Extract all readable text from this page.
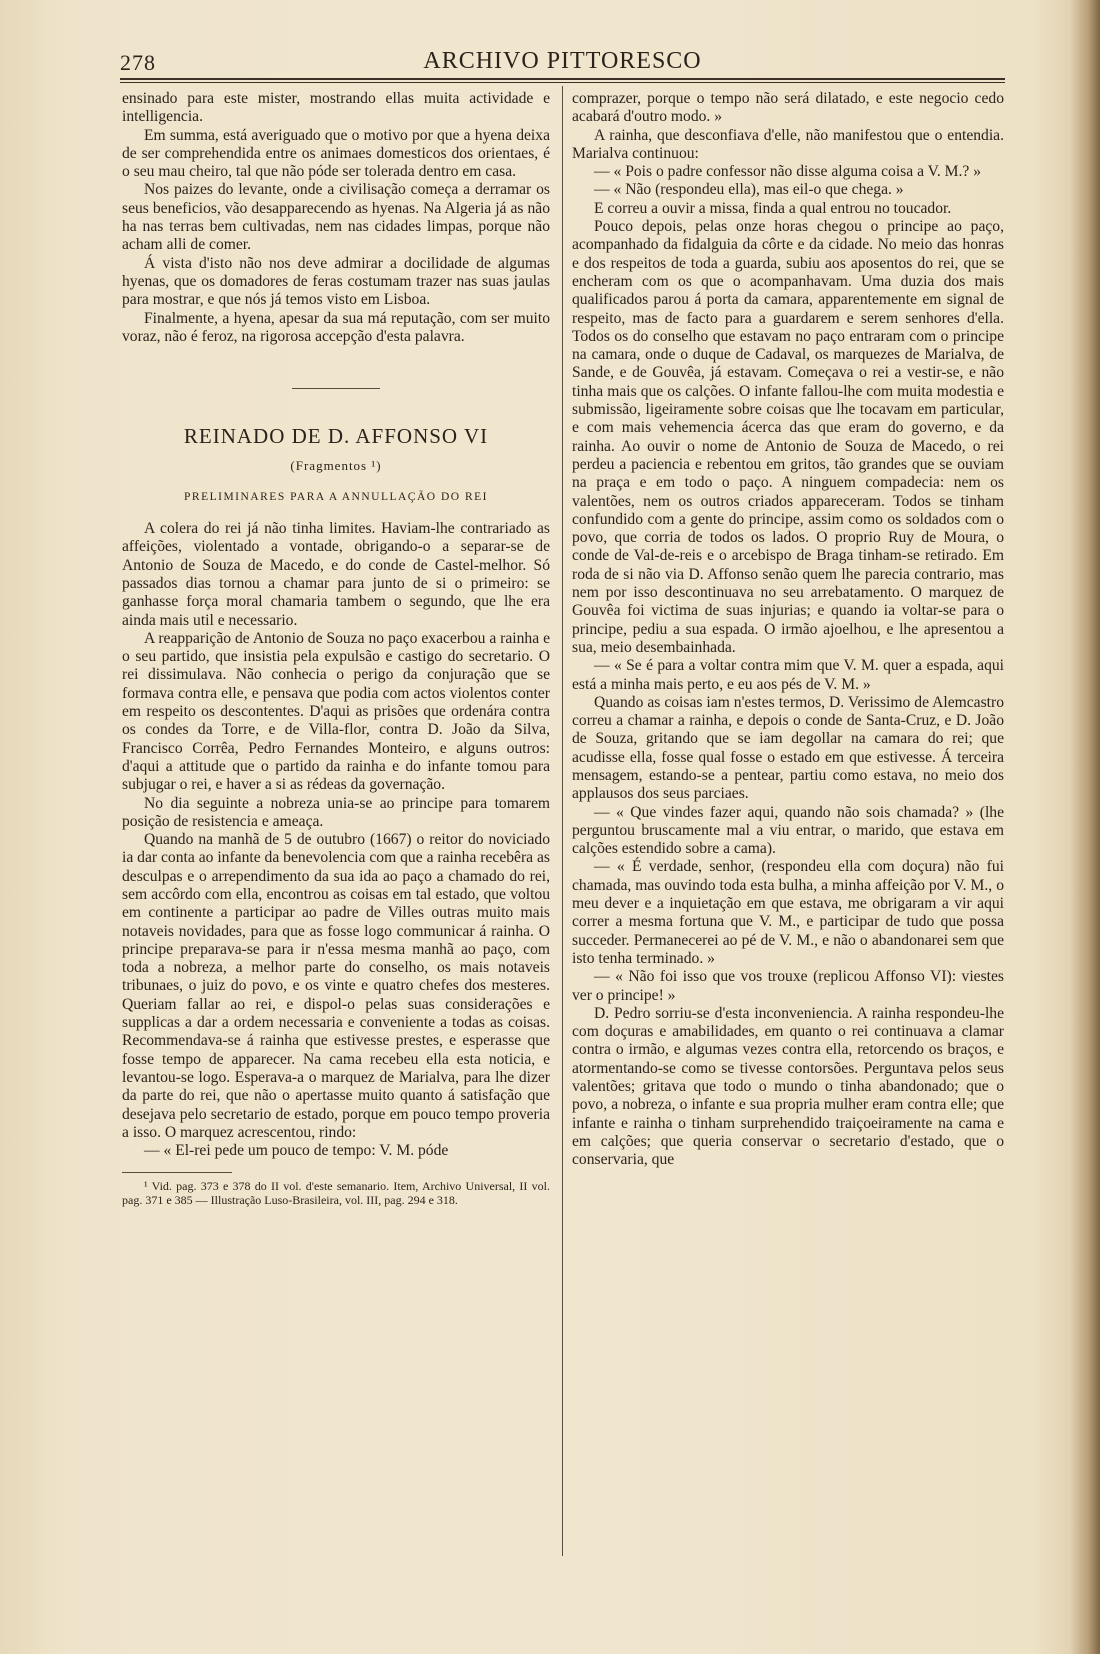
278	ARCHIVO PITTORESCO

ensinado para este mister, mostrando ellas muita actividade e intelligencia.

Em summa, está averiguado que o motivo por que a hyena deixa de ser comprehendida entre os animaes domesticos dos orientaes, é o seu mau cheiro, tal que não póde ser tolerada dentro em casa.

Nos paizes do levante, onde a civilisação começa a derramar os seus beneficios, vão desapparecendo as hyenas. Na Algeria já as não ha nas terras bem cultivadas, nem nas cidades limpas, porque não acham alli de comer.

Á vista d'isto não nos deve admirar a docilidade de algumas hyenas, que os domadores de feras costumam trazer nas suas jaulas para mostrar, e que nós já temos visto em Lisboa.

Finalmente, a hyena, apesar da sua má reputação, com ser muito voraz, não é feroz, na rigorosa accepção d'esta palavra.

REINADO DE D. AFFONSO VI
(Fragmentos ¹)
PRELIMINARES PARA A ANNULLAÇÃO DO REI

A colera do rei já não tinha limites. Haviam-lhe contrariado as affeições, violentado a vontade, obrigando-o a separar-se de Antonio de Souza de Macedo, e do conde de Castel-melhor. Só passados dias tornou a chamar para junto de si o primeiro: se ganhasse força moral chamaria tambem o segundo, que lhe era ainda mais util e necessario.

A reapparição de Antonio de Souza no paço exacerbou a rainha e o seu partido, que insistia pela expulsão e castigo do secretario. O rei dissimulava. Não conhecia o perigo da conjuração que se formava contra elle, e pensava que podia com actos violentos conter em respeito os descontentes. D'aqui as prisões que ordenára contra os condes da Torre, e de Villa-flor, contra D. João da Silva, Francisco Corrêa, Pedro Fernandes Monteiro, e alguns outros: d'aqui a attitude que o partido da rainha e do infante tomou para subjugar o rei, e haver a si as rédeas da governação.

No dia seguinte a nobreza unia-se ao principe para tomarem posição de resistencia e ameaça.

Quando na manhã de 5 de outubro (1667) o reitor do noviciado ia dar conta ao infante da benevolencia com que a rainha recebêra as desculpas e o arrependimento da sua ida ao paço a chamado do rei, sem accôrdo com ella, encontrou as coisas em tal estado, que voltou em continente a participar ao padre de Villes outras muito mais notaveis novidades, para que as fosse logo communicar á rainha. O principe preparava-se para ir n'essa mesma manhã ao paço, com toda a nobreza, a melhor parte do conselho, os mais notaveis tribunaes, o juiz do povo, e os vinte e quatro chefes dos mesteres. Queriam fallar ao rei, e dispol-o pelas suas considerações e supplicas a dar a ordem necessaria e conveniente a todas as coisas. Recommendava-se á rainha que estivesse prestes, e esperasse que fosse tempo de apparecer. Na cama recebeu ella esta noticia, e levantou-se logo. Esperava-a o marquez de Marialva, para lhe dizer da parte do rei, que não o apertasse muito quanto á satisfação que desejava pelo secretario de estado, porque em pouco tempo proveria a isso. O marquez acrescentou, rindo:

— « El-rei pede um pouco de tempo: V. M. póde

¹ Vid. pag. 373 e 378 do II vol. d'este semanario. Item, Archivo Universal, II vol. pag. 371 e 385 — Illustração Luso-Brasileira, vol. III, pag. 294 e 318.

comprazer, porque o tempo não será dilatado, e este negocio cedo acabará d'outro modo. »

A rainha, que desconfiava d'elle, não manifestou que o entendia. Marialva continuou:

— « Pois o padre confessor não disse alguma coisa a V. M.? »

— « Não (respondeu ella), mas eil-o que chega. »

E correu a ouvir a missa, finda a qual entrou no toucador.

Pouco depois, pelas onze horas chegou o principe ao paço, acompanhado da fidalguia da côrte e da cidade. No meio das honras e dos respeitos de toda a guarda, subiu aos aposentos do rei, que se encheram com os que o acompanhavam. Uma duzia dos mais qualificados parou á porta da camara, apparentemente em signal de respeito, mas de facto para a guardarem e serem senhores d'ella. Todos os do conselho que estavam no paço entraram com o principe na camara, onde o duque de Cadaval, os marquezes de Marialva, de Sande, e de Gouvêa, já estavam. Começava o rei a vestir-se, e não tinha mais que os calções. O infante fallou-lhe com muita modestia e submissão, ligeiramente sobre coisas que lhe tocavam em particular, e com mais vehemencia ácerca das que eram do governo, e da rainha. Ao ouvir o nome de Antonio de Souza de Macedo, o rei perdeu a paciencia e rebentou em gritos, tão grandes que se ouviam na praça e em todo o paço. A ninguem compadecia: nem os valentões, nem os outros criados appareceram. Todos se tinham confundido com a gente do principe, assim como os soldados com o povo, que corria de todos os lados. O proprio Ruy de Moura, o conde de Val-de-reis e o arcebispo de Braga tinham-se retirado. Em roda de si não via D. Affonso senão quem lhe parecia contrario, mas nem por isso descontinuava no seu arrebatamento. O marquez de Gouvêa foi victima de suas injurias; e quando ia voltar-se para o principe, pediu a sua espada. O irmão ajoelhou, e lhe apresentou a sua, meio desembainhada.

— « Se é para a voltar contra mim que V. M. quer a espada, aqui está a minha mais perto, e eu aos pés de V. M. »

Quando as coisas iam n'estes termos, D. Verissimo de Alemcastro correu a chamar a rainha, e depois o conde de Santa-Cruz, e D. João de Souza, gritando que se iam degollar na camara do rei; que acudisse ella, fosse qual fosse o estado em que estivesse. Á terceira mensagem, estando-se a pentear, partiu como estava, no meio dos applausos dos seus parciaes.

— « Que vindes fazer aqui, quando não sois chamada? » (lhe perguntou bruscamente mal a viu entrar, o marido, que estava em calções estendido sobre a cama).

— « É verdade, senhor, (respondeu ella com doçura) não fui chamada, mas ouvindo toda esta bulha, a minha affeição por V. M., o meu dever e a inquietação em que estava, me obrigaram a vir aqui correr a mesma fortuna que V. M., e participar de tudo que possa succeder. Permanecerei ao pé de V. M., e não o abandonarei sem que isto tenha terminado. »

— « Não foi isso que vos trouxe (replicou Affonso VI): viestes ver o principe! »

D. Pedro sorriu-se d'esta inconveniencia. A rainha respondeu-lhe com doçuras e amabilidades, em quanto o rei continuava a clamar contra o irmão, e algumas vezes contra ella, retorcendo os braços, e atormentando-se como se tivesse contorsões. Perguntava pelos seus valentões; gritava que todo o mundo o tinha abandonado; que o povo, a nobreza, o infante e sua propria mulher eram contra elle; que infante e rainha o tinham surprehendido traiçoeiramente na cama e em calções; que queria conservar o secretario d'estado, que o conservaria, que
